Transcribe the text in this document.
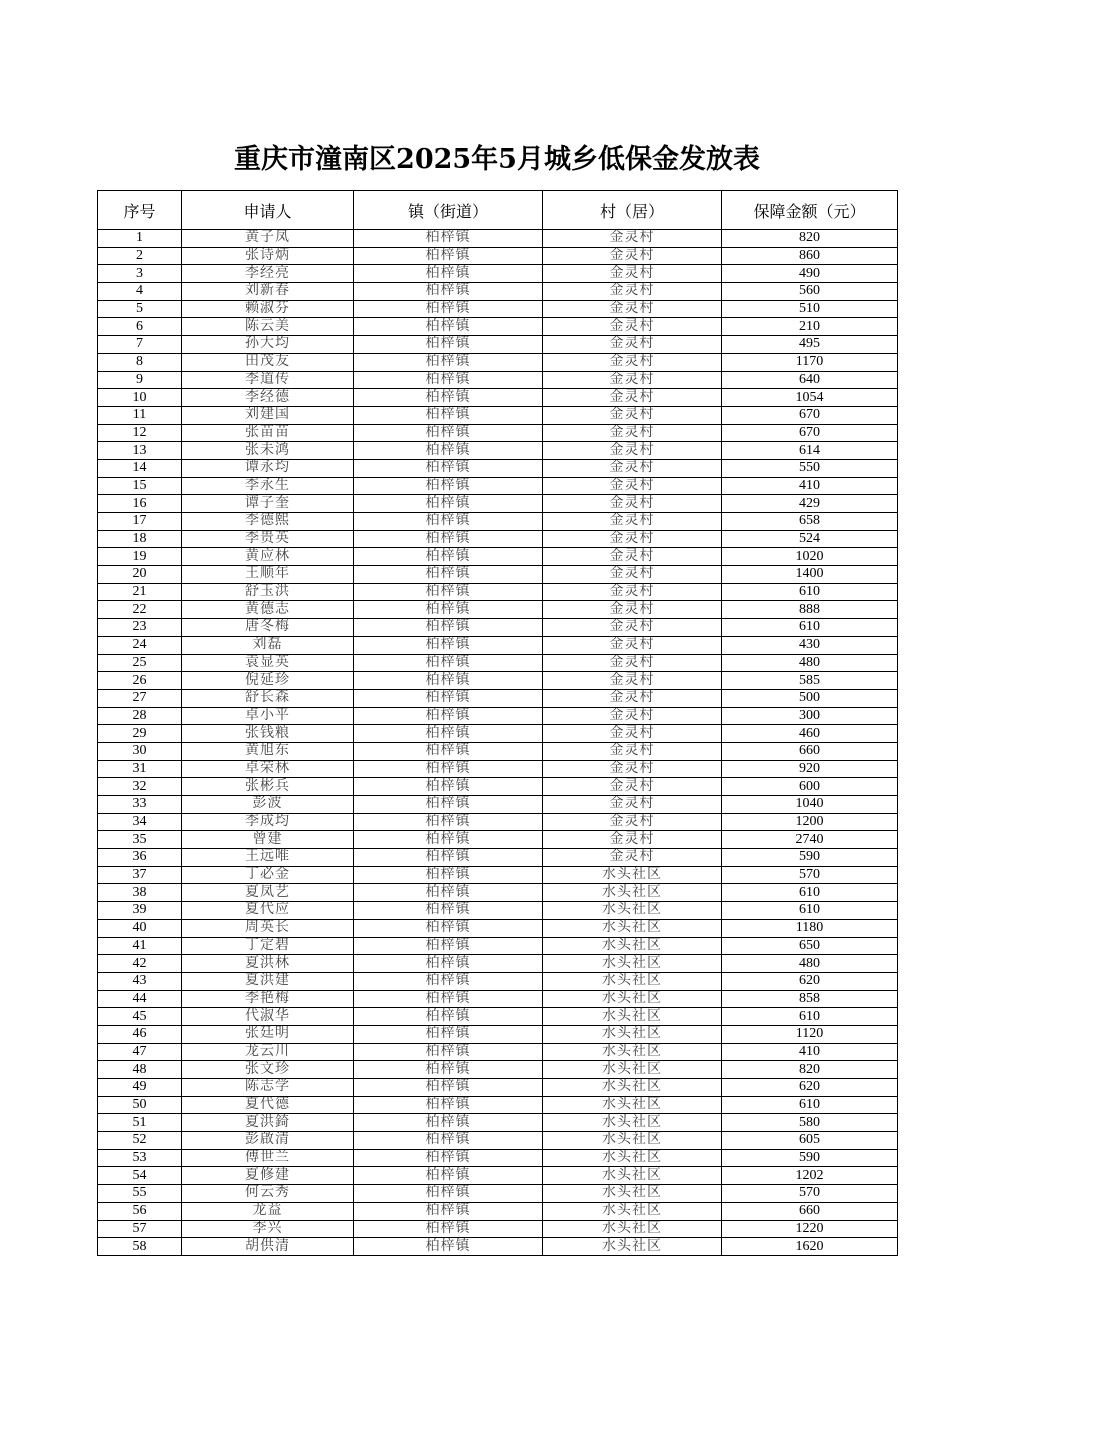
重庆市潼南区2025年5月城乡低保金发放表
序号	申请人	镇（街道）	村（居）	保障金额（元）
1	黄子凤	柏梓镇	金灵村	820
2	张诗炳	柏梓镇	金灵村	860
3	李经亮	柏梓镇	金灵村	490
4	刘新春	柏梓镇	金灵村	560
5	赖淑芬	柏梓镇	金灵村	510
6	陈云美	柏梓镇	金灵村	210
7	孙大均	柏梓镇	金灵村	495
8	田茂友	柏梓镇	金灵村	1170
9	李道传	柏梓镇	金灵村	640
10	李经德	柏梓镇	金灵村	1054
11	刘建国	柏梓镇	金灵村	670
12	张苗苗	柏梓镇	金灵村	670
13	张未鸿	柏梓镇	金灵村	614
14	谭永均	柏梓镇	金灵村	550
15	李永生	柏梓镇	金灵村	410
16	谭子奎	柏梓镇	金灵村	429
17	李德熙	柏梓镇	金灵村	658
18	李贵英	柏梓镇	金灵村	524
19	黄应林	柏梓镇	金灵村	1020
20	王顺年	柏梓镇	金灵村	1400
21	舒玉洪	柏梓镇	金灵村	610
22	黄德志	柏梓镇	金灵村	888
23	唐冬梅	柏梓镇	金灵村	610
24	刘磊	柏梓镇	金灵村	430
25	袁显英	柏梓镇	金灵村	480
26	倪延珍	柏梓镇	金灵村	585
27	舒长森	柏梓镇	金灵村	500
28	卓小平	柏梓镇	金灵村	300
29	张钱粮	柏梓镇	金灵村	460
30	黄旭东	柏梓镇	金灵村	660
31	卓荣林	柏梓镇	金灵村	920
32	张彬兵	柏梓镇	金灵村	600
33	彭波	柏梓镇	金灵村	1040
34	李成均	柏梓镇	金灵村	1200
35	曾建	柏梓镇	金灵村	2740
36	王远唯	柏梓镇	金灵村	590
37	丁必金	柏梓镇	水头社区	570
38	夏凤艺	柏梓镇	水头社区	610
39	夏代应	柏梓镇	水头社区	610
40	周英长	柏梓镇	水头社区	1180
41	丁定碧	柏梓镇	水头社区	650
42	夏洪林	柏梓镇	水头社区	480
43	夏洪建	柏梓镇	水头社区	620
44	李艳梅	柏梓镇	水头社区	858
45	代淑华	柏梓镇	水头社区	610
46	张廷明	柏梓镇	水头社区	1120
47	龙云川	柏梓镇	水头社区	410
48	张文珍	柏梓镇	水头社区	820
49	陈志学	柏梓镇	水头社区	620
50	夏代德	柏梓镇	水头社区	610
51	夏洪錡	柏梓镇	水头社区	580
52	彭啟清	柏梓镇	水头社区	605
53	傅世兰	柏梓镇	水头社区	590
54	夏修建	柏梓镇	水头社区	1202
55	何云秀	柏梓镇	水头社区	570
56	龙益	柏梓镇	水头社区	660
57	李兴	柏梓镇	水头社区	1220
58	胡供清	柏梓镇	水头社区	1620
